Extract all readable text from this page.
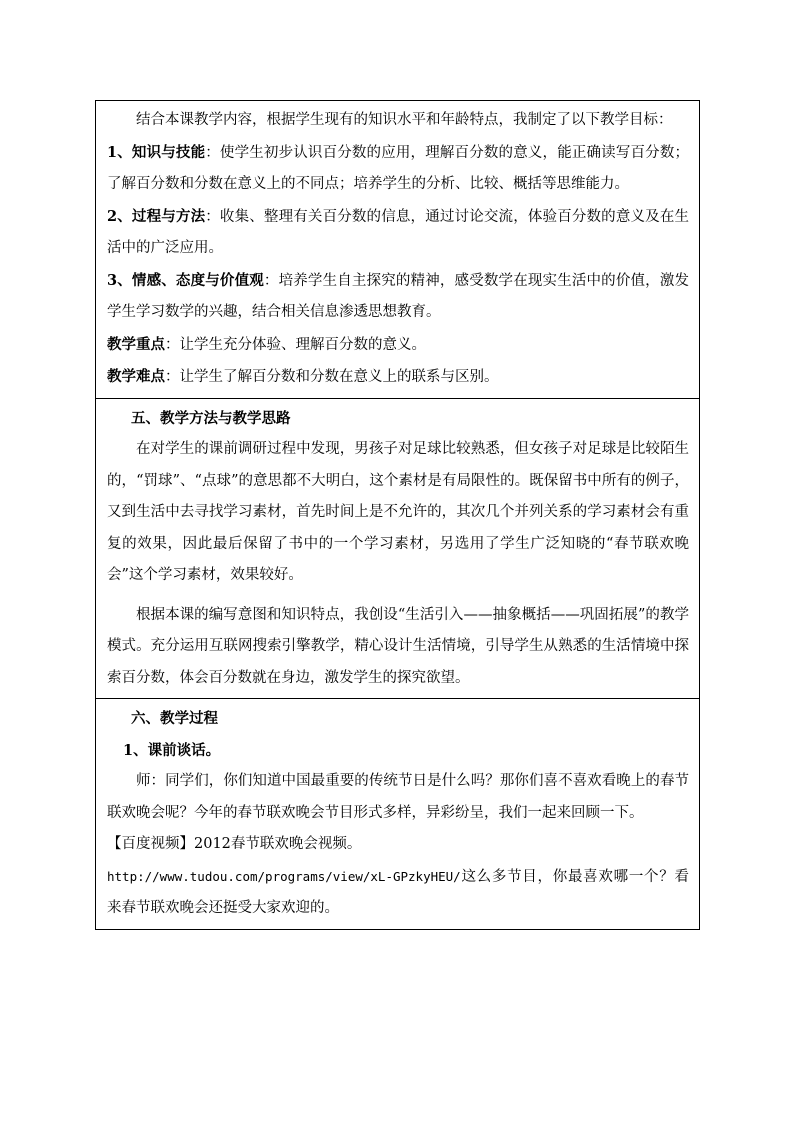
结合本课教学内容，根据学生现有的知识水平和年龄特点，我制定了以下教学目标：

1、知识与技能：使学生初步认识百分数的应用，理解百分数的意义，能正确读写百分数；了解百分数和分数在意义上的不同点；培养学生的分析、比较、概括等思维能力。

2、过程与方法：收集、整理有关百分数的信息，通过讨论交流，体验百分数的意义及在生活中的广泛应用。

3、情感、态度与价值观：培养学生自主探究的精神，感受数学在现实生活中的价值，激发学生学习数学的兴趣，结合相关信息渗透思想教育。

教学重点：让学生充分体验、理解百分数的意义。

教学难点：让学生了解百分数和分数在意义上的联系与区别。

五、教学方法与教学思路

在对学生的课前调研过程中发现，男孩子对足球比较熟悉，但女孩子对足球是比较陌生的，“罚球”、“点球”的意思都不大明白，这个素材是有局限性的。既保留书中所有的例子，又到生活中去寻找学习素材，首先时间上是不允许的，其次几个并列关系的学习素材会有重复的效果，因此最后保留了书中的一个学习素材，另选用了学生广泛知晓的“春节联欢晚会”这个学习素材，效果较好。

根据本课的编写意图和知识特点，我创设“生活引入——抽象概括——巩固拓展”的教学模式。充分运用互联网搜索引擎教学，精心设计生活情境，引导学生从熟悉的生活情境中探索百分数，体会百分数就在身边，激发学生的探究欲望。

六、教学过程

1、课前谈话。

师：同学们，你们知道中国最重要的传统节日是什么吗？那你们喜不喜欢看晚上的春节联欢晚会呢？今年的春节联欢晚会节目形式多样，异彩纷呈，我们一起来回顾一下。

【百度视频】2012春节联欢晚会视频。

http://www.tudou.com/programs/view/xL-GPzkyHEU/这么多节目，你最喜欢哪一个？看来春节联欢晚会还挺受大家欢迎的。
